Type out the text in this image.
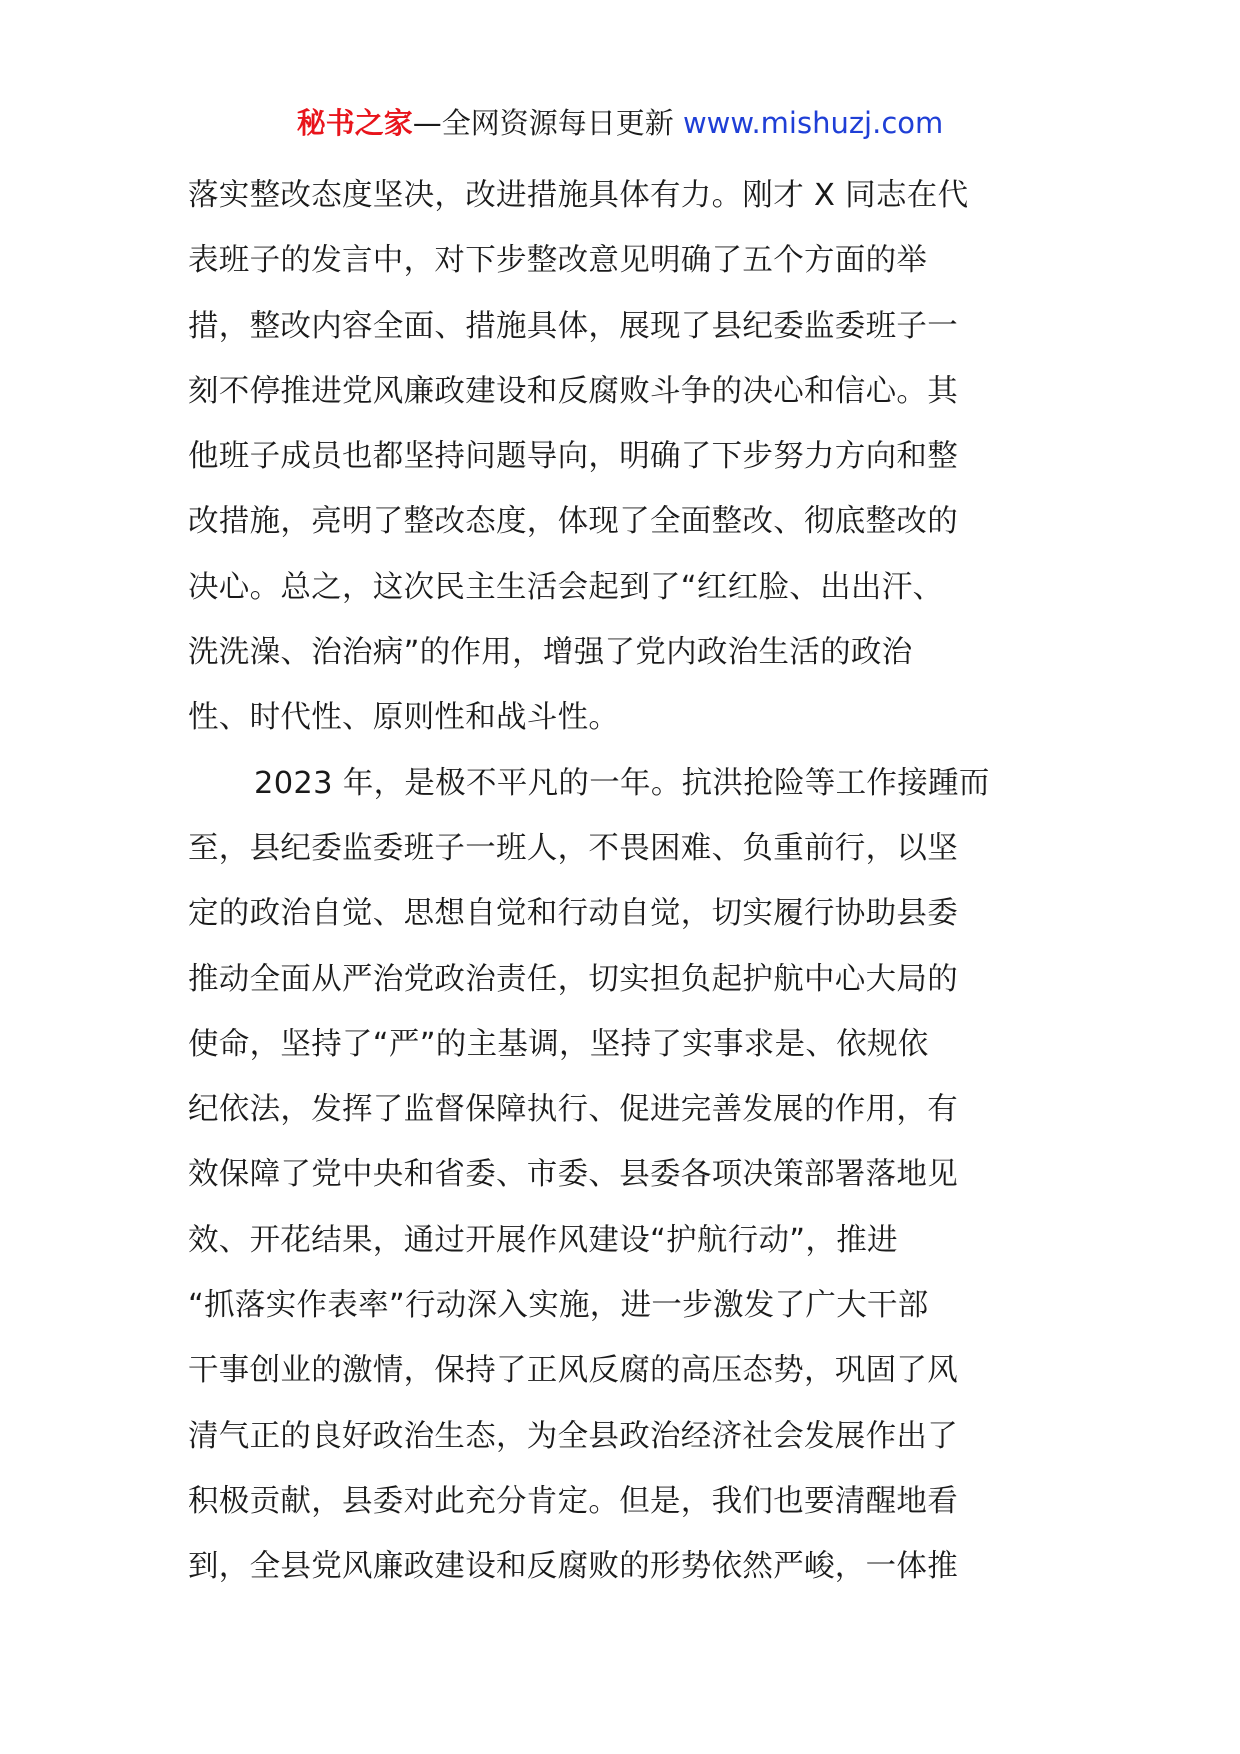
秘书之家—全网资源每日更新 www.mishuzj.com
落实整改态度坚决，改进措施具体有力。刚才 X 同志在代
表班子的发言中，对下步整改意见明确了五个方面的举
措，整改内容全面、措施具体，展现了县纪委监委班子一
刻不停推进党风廉政建设和反腐败斗争的决心和信心。其
他班子成员也都坚持问题导向，明确了下步努力方向和整
改措施，亮明了整改态度，体现了全面整改、彻底整改的
决心。总之，这次民主生活会起到了“红红脸、出出汗、
洗洗澡、治治病”的作用，增强了党内政治生活的政治
性、时代性、原则性和战斗性。
2023 年，是极不平凡的一年。抗洪抢险等工作接踵而
至，县纪委监委班子一班人，不畏困难、负重前行，以坚
定的政治自觉、思想自觉和行动自觉，切实履行协助县委
推动全面从严治党政治责任，切实担负起护航中心大局的
使命，坚持了“严”的主基调，坚持了实事求是、依规依
纪依法，发挥了监督保障执行、促进完善发展的作用，有
效保障了党中央和省委、市委、县委各项决策部署落地见
效、开花结果，通过开展作风建设“护航行动”，推进
“抓落实作表率”行动深入实施，进一步激发了广大干部
干事创业的激情，保持了正风反腐的高压态势，巩固了风
清气正的良好政治生态，为全县政治经济社会发展作出了
积极贡献，县委对此充分肯定。但是，我们也要清醒地看
到，全县党风廉政建设和反腐败的形势依然严峻，一体推
